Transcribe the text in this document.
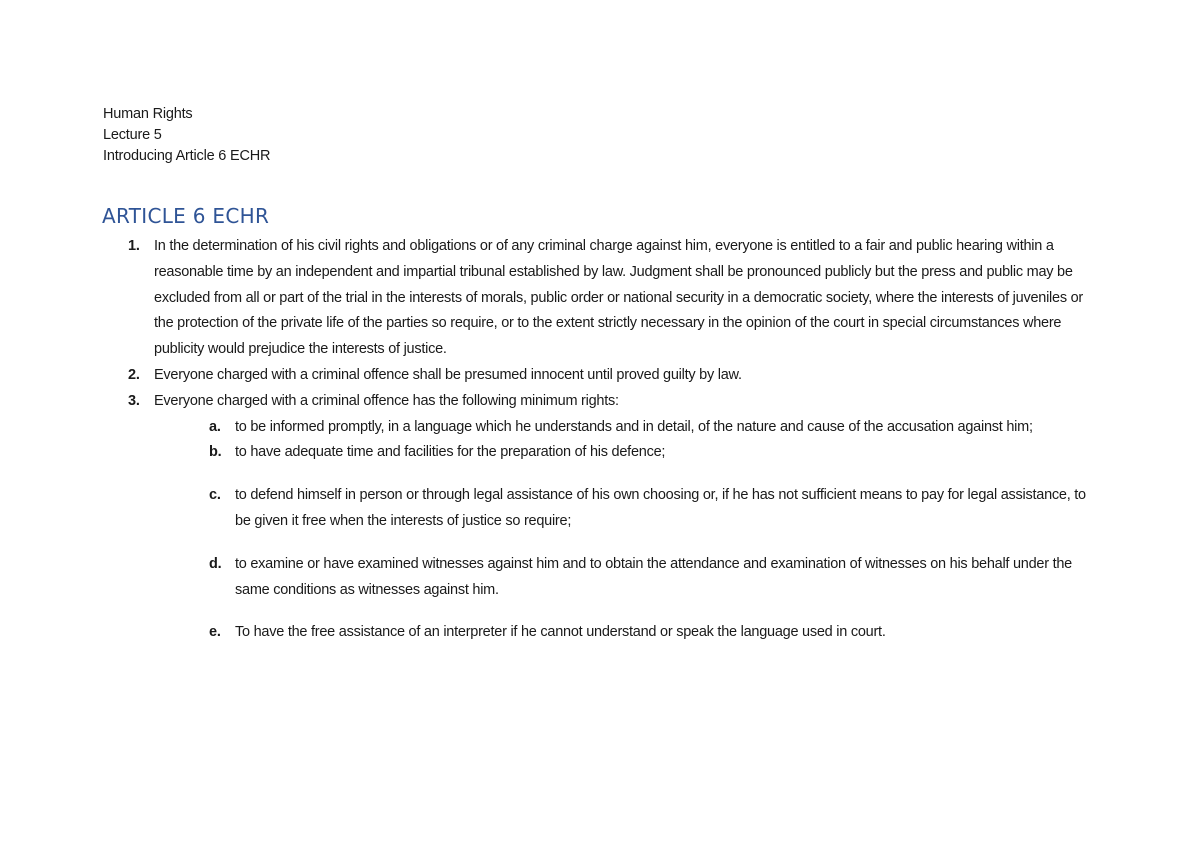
Human Rights
Lecture 5
Introducing Article 6 ECHR
ARTICLE 6 ECHR
1. In the determination of his civil rights and obligations or of any criminal charge against him, everyone is entitled to a fair and public hearing within a reasonable time by an independent and impartial tribunal established by law. Judgment shall be pronounced publicly but the press and public may be excluded from all or part of the trial in the interests of morals, public order or national security in a democratic society, where the interests of juveniles or the protection of the private life of the parties so require, or to the extent strictly necessary in the opinion of the court in special circumstances where publicity would prejudice the interests of justice.
2. Everyone charged with a criminal offence shall be presumed innocent until proved guilty by law.
3. Everyone charged with a criminal offence has the following minimum rights:
a. to be informed promptly, in a language which he understands and in detail, of the nature and cause of the accusation against him;
b. to have adequate time and facilities for the preparation of his defence;
c. to defend himself in person or through legal assistance of his own choosing or, if he has not sufficient means to pay for legal assistance, to be given it free when the interests of justice so require;
d. to examine or have examined witnesses against him and to obtain the attendance and examination of witnesses on his behalf under the same conditions as witnesses against him.
e. To have the free assistance of an interpreter if he cannot understand or speak the language used in court.
